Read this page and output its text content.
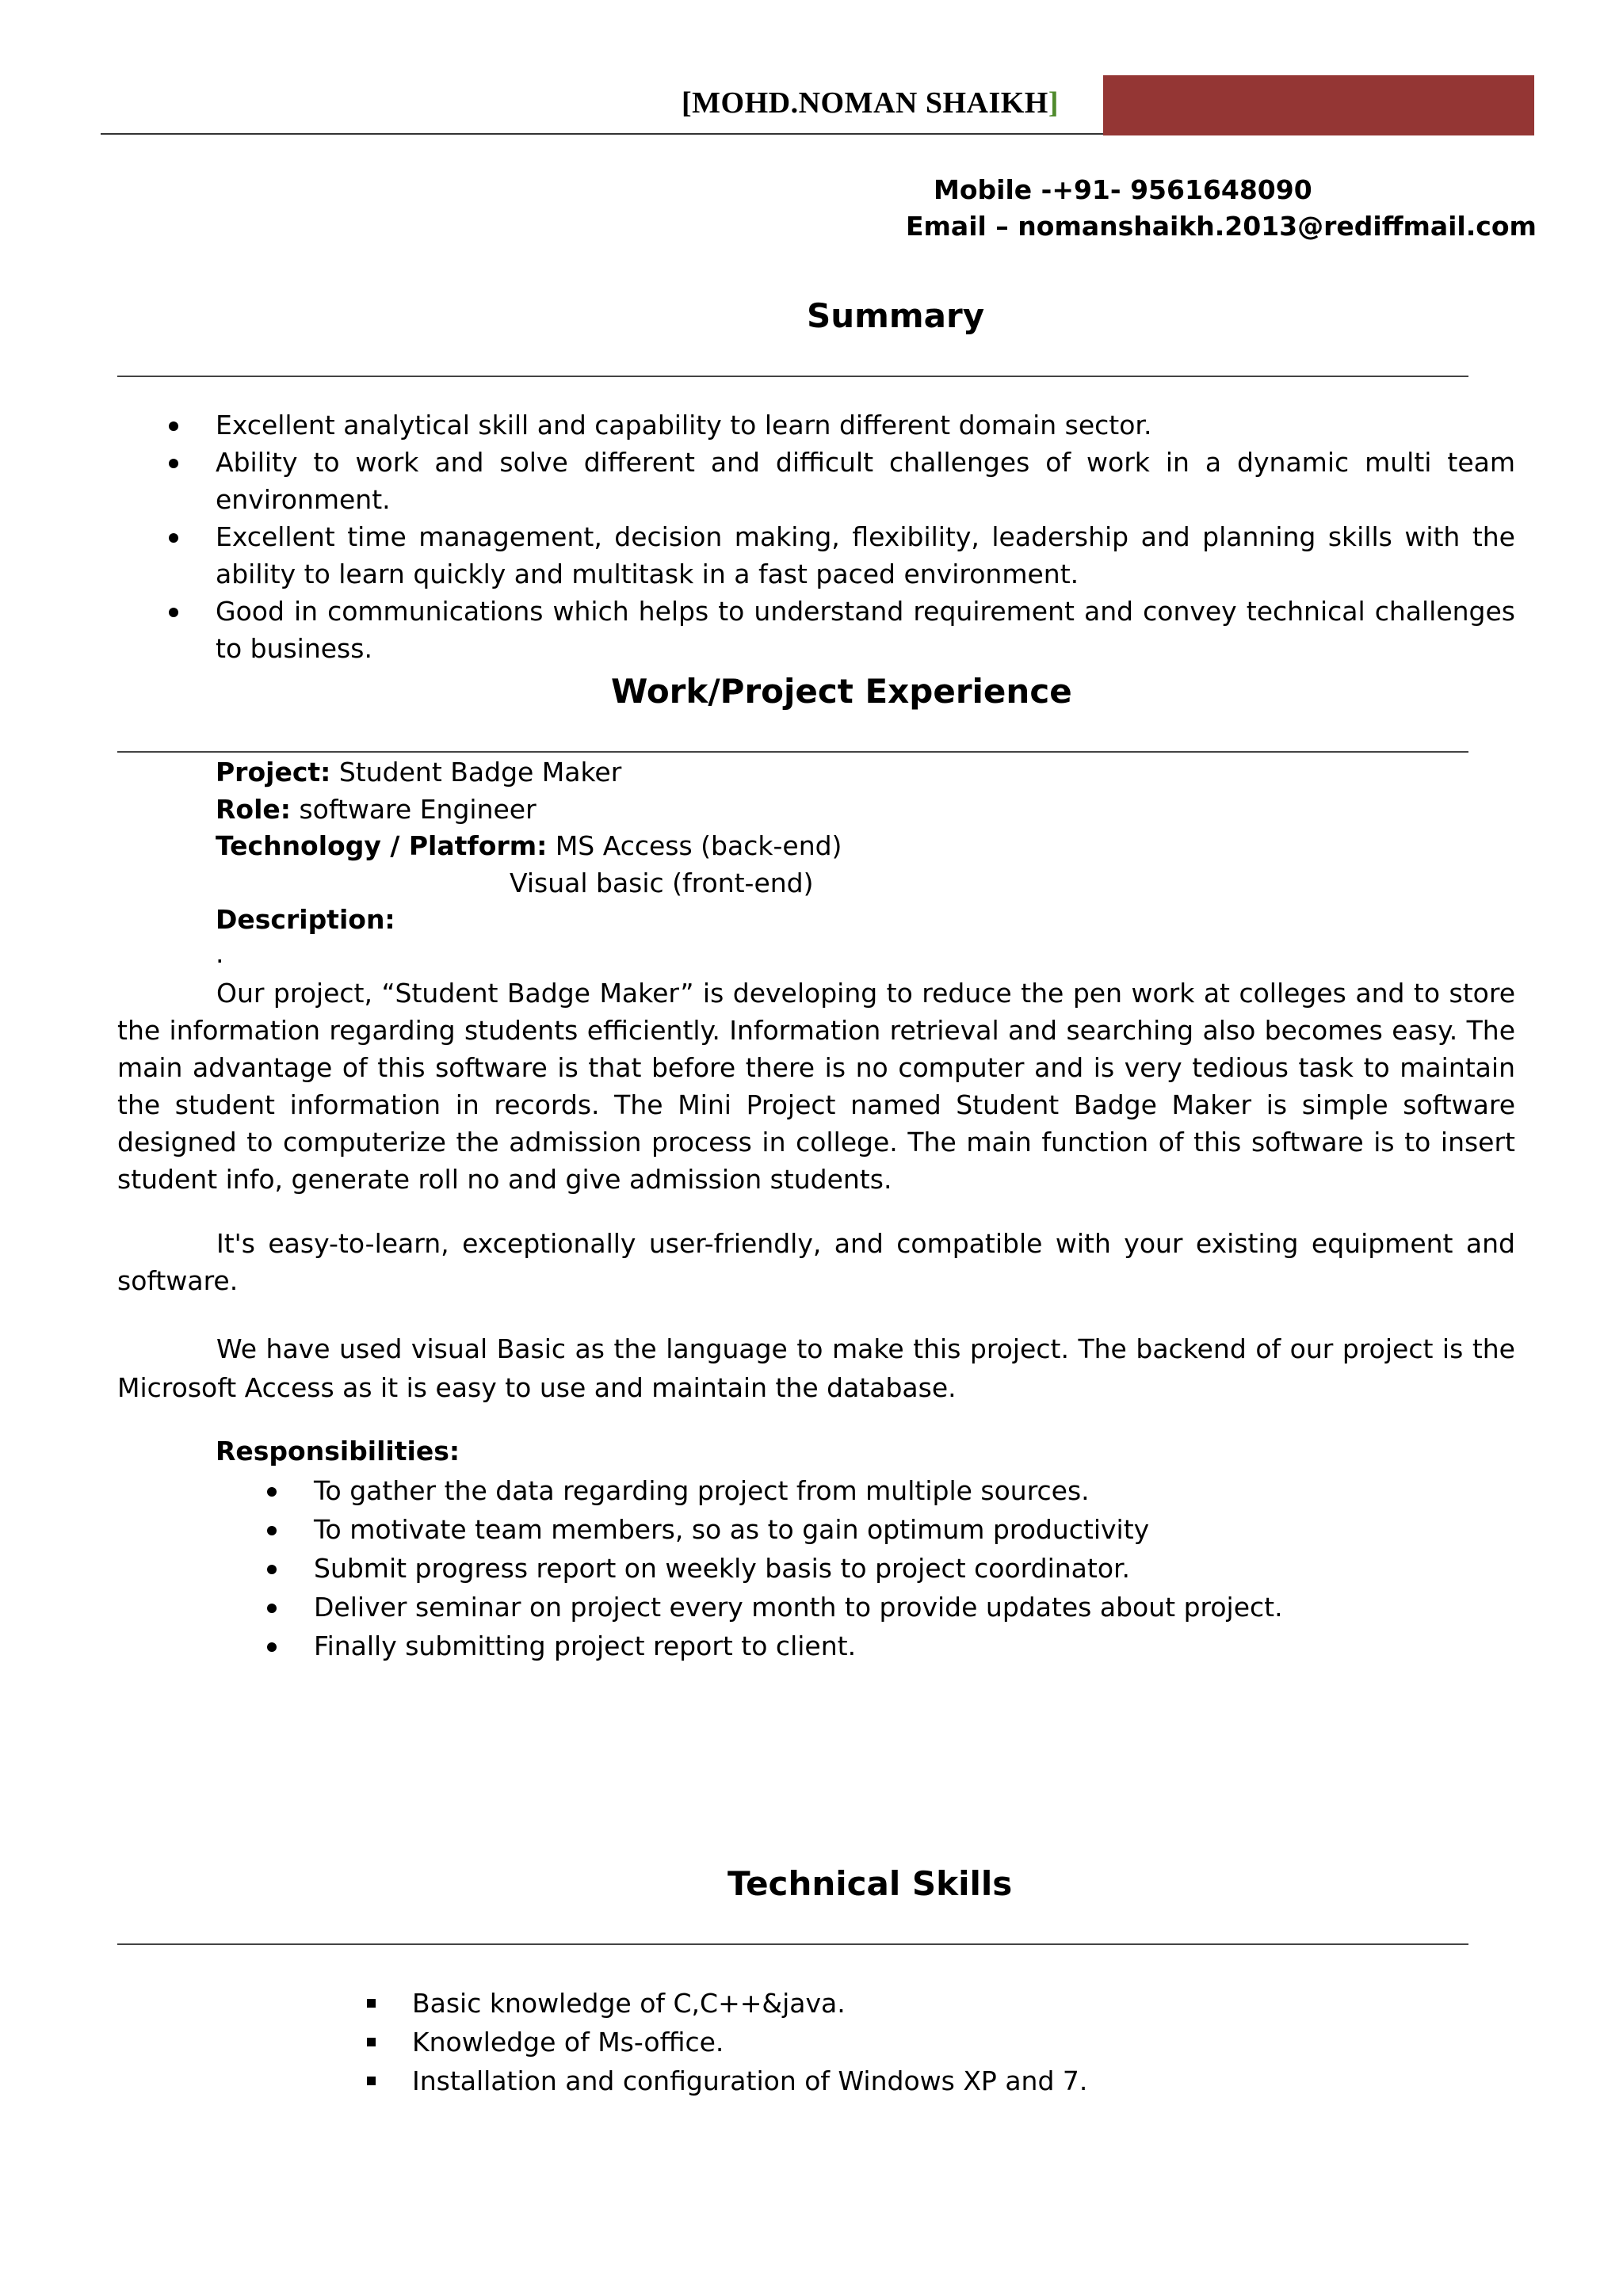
[MOHD.NOMAN SHAIKH]
Mobile -+91- 9561648090
Email – nomanshaikh.2013@rediffmail.com
Summary
Excellent analytical skill and capability to learn different domain sector.
Ability to work and solve different and difficult challenges of work in a dynamic multi team environment.
Excellent time management, decision making, flexibility, leadership and planning skills with the ability to learn quickly and multitask in a fast paced environment.
Good in communications which helps to understand requirement and convey technical challenges to business.
Work/Project Experience
Project: Student Badge Maker
Role: software Engineer
Technology / Platform: MS Access (back-end)
Visual basic (front-end)
Description:
.

Our project, “Student Badge Maker” is developing to reduce the pen work at colleges and to store the information regarding students efficiently. Information retrieval and searching also becomes easy. The main advantage of this software is that before there is no computer and is very tedious task to maintain the student information in records. The Mini Project named Student Badge Maker is simple software designed to computerize the admission process in college. The main function of this software is to insert student info, generate roll no and give admission students.

It's easy-to-learn, exceptionally user-friendly, and compatible with your existing equipment and software.

We have used visual Basic as the language to make this project. The backend of our project is the Microsoft Access as it is easy to use and maintain the database.

Responsibilities:
To gather the data regarding project from multiple sources.
To motivate team members, so as to gain optimum productivity
Submit progress report on weekly basis to project coordinator.
Deliver seminar on project every month to provide updates about project.
Finally submitting project report to client.
Technical Skills
Basic knowledge of C,C++&java.
Knowledge of Ms-office.
Installation and configuration of Windows XP and 7.
